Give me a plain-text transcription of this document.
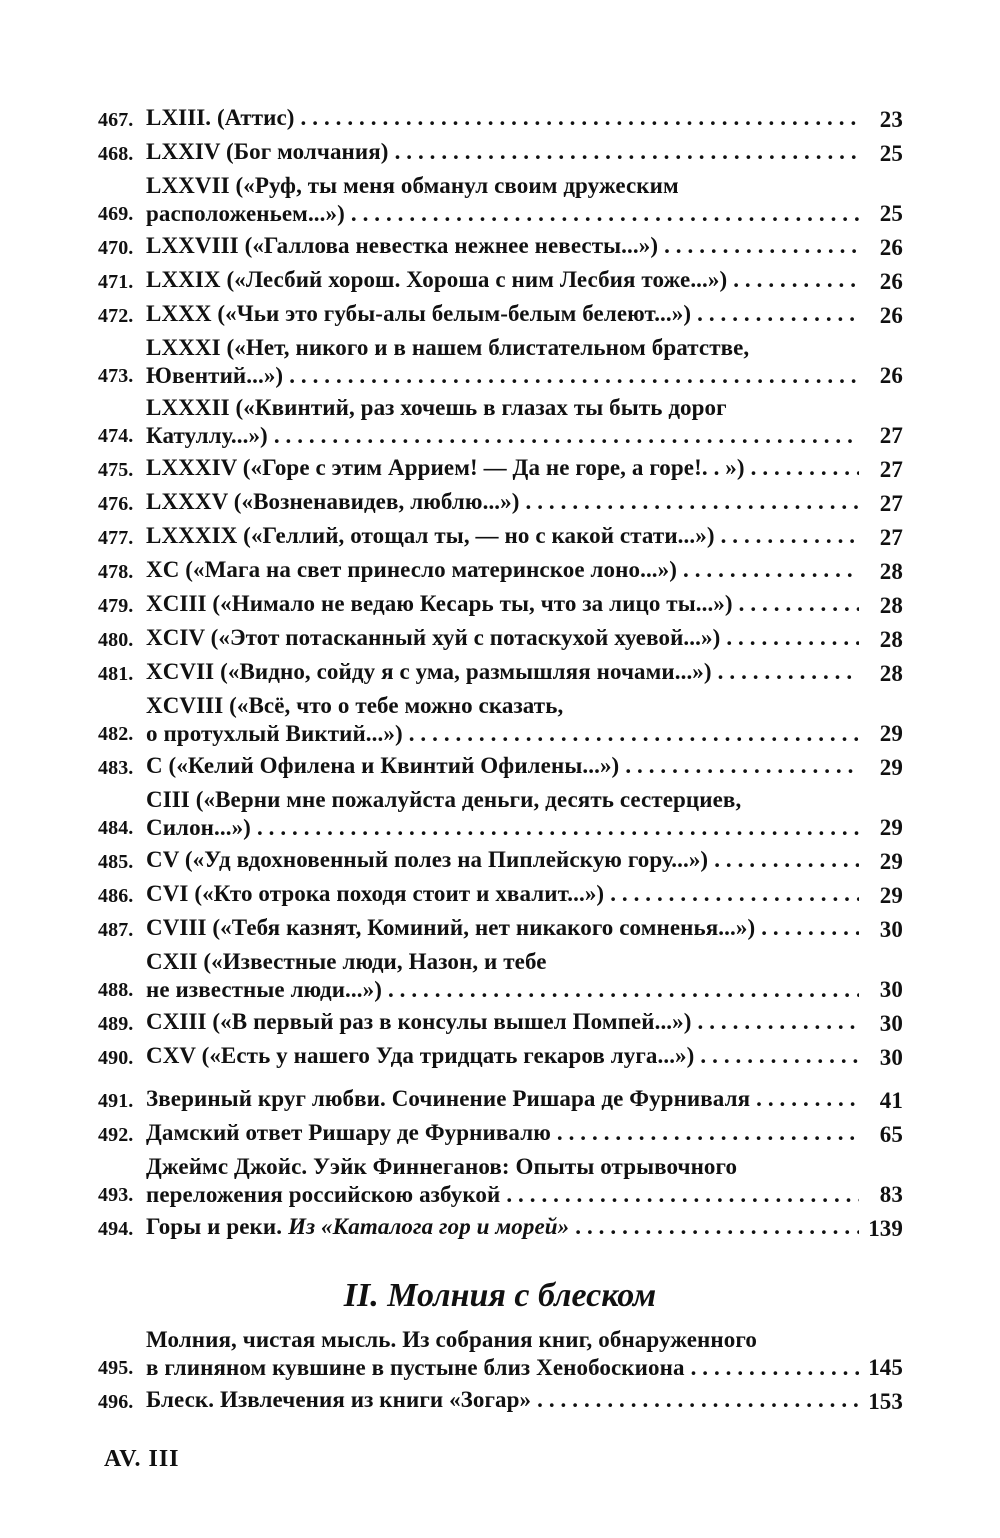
467. LXIII. (Аттис) . . .	23
468. LXXIV (Бог молчания) . . .	25
469.
LXXVII («Руф, ты меня обманул своим дружеским
расположеньем...») . . .	25
470. LXXVIII («Галлова невестка нежнее невесты...») . . .	26
471. LXXIX («Лесбий хорош. Хороша с ним Лесбия тоже...») . . .	26
472. LXXX («Чьи это губы-алы белым-белым белеют...») . . .	26
473.
LXXXI («Нет, никого и в нашем блистательном братстве,
Ювентий...») . . .	26
474.
LXXXII («Квинтий, раз хочешь в глазах ты быть дорог
Катуллу...») . . .	27
475. LXXXIV («Горе с этим Аррием! — Да не горе, а горе!. . ») . . .	27
476. LXXXV («Возненавидев, люблю...») . . .	27
477. LXXXIX («Геллий, отощал ты, — но с какой стати...») . . .	27
478. XC («Мага на свет принесло материнское лоно...») . . .	28
479. XCIII («Нимало не ведаю Кесарь ты, что за лицо ты...») . . .	28
480. XCIV («Этот потасканный хуй с потаскухой хуевой...») . . .	28
481. XCVII («Видно, сойду я с ума, размышляя ночами...») . . .	28
482.
XCVIII («Всё, что о тебе можно сказать,
о протухлый Виктий...») . . .	29
483. C («Келий Офилена и Квинтий Офилены...») . . .	29
484.
CIII («Верни мне пожалуйста деньги, десять сестерциев,
Силон...») . . .	29
485. CV («Уд вдохновенный полез на Пиплейскую гору...») . . .	29
486. CVI («Кто отрока походя стоит и хвалит...») . . .	29
487. CVIII («Тебя казнят, Коминий, нет никакого сомненья...») . . .	30
488.
CXII («Известные люди, Назон, и тебе
не известные люди...») . . .	30
489. CXIII («В первый раз в консулы вышел Помпей...») . . .	30
490. CXV («Есть у нашего Уда тридцать гекаров луга...») . . .	30
491. Звериный круг любви. Сочинение Ришара де Фурниваля . . .	41
492. Дамский ответ Ришару де Фурнивалю . . .	65
493.
Джеймс Джойс. Уэйк Финнеганов: Опыты отрывочного
переложения российскою азбукой . . .	83
494. Горы и реки. Из «Каталога гор и морей» . . .	139
II. Молния с блеском
495.
Молния, чистая мысль. Из собрания книг, обнаруженного
в глиняном кувшине в пустыне близ Хенобоскиона . . .	145
496. Блеск. Извлечения из книги «Зогар» . . .	153
AV. III
